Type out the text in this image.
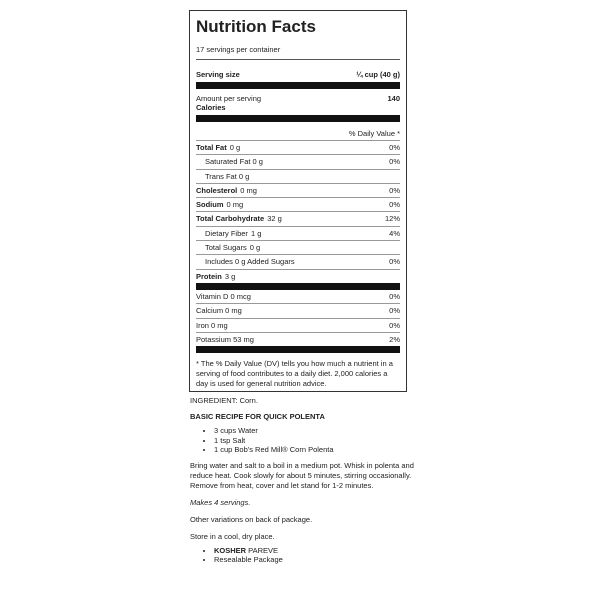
Nutrition Facts
17 servings per container
Serving size	¼ cup (40 g)
Amount per serving	140
Calories
% Daily Value *
Total Fat 0 g	0%
Saturated Fat 0 g	0%
Trans Fat 0 g
Cholesterol 0 mg	0%
Sodium 0 mg	0%
Total Carbohydrate 32 g	12%
Dietary Fiber 1 g	4%
Total Sugars 0 g
Includes 0 g Added Sugars	0%
Protein 3 g
Vitamin D 0 mcg	0%
Calcium 0 mg	0%
Iron 0 mg	0%
Potassium 53 mg	2%
* The % Daily Value (DV) tells you how much a nutrient in a serving of food contributes to a daily diet. 2,000 calories a day is used for general nutrition advice.

INGREDIENT: Corn.

BASIC RECIPE FOR QUICK POLENTA

• 3 cups Water
• 1 tsp Salt
• 1 cup Bob's Red Mill® Corn Polenta

Bring water and salt to a boil in a medium pot. Whisk in polenta and reduce heat. Cook slowly for about 5 minutes, stirring occasionally. Remove from heat, cover and let stand for 1-2 minutes.

Makes 4 servings.

Other variations on back of package.

Store in a cool, dry place.

• KOSHER PAREVE
• Resealable Package
